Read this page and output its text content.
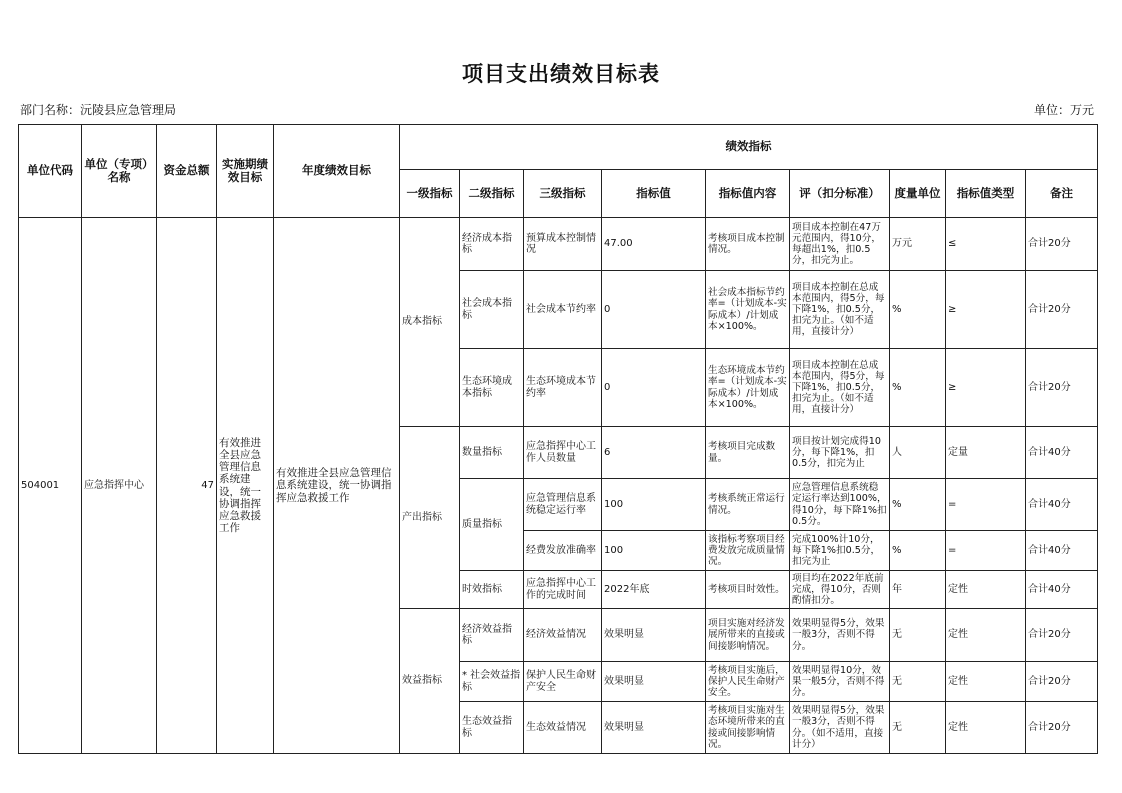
项目支出绩效目标表
部门名称：沅陵县应急管理局	单位：万元
单位代码	单位（专项）名称	资金总额	实施期绩效目标	年度绩效目标	绩效指标								
					一级指标	二级指标	三级指标	指标值	指标值内容	评（扣分标准）	度量单位	指标值类型	备注
504001	应急指挥中心	47	有效推进全县应急管理信息系统建设，统一协调指挥应急救援工作	有效推进全县应急管理信息系统建设，统一协调指挥应急救援工作	成本指标	经济成本指标	预算成本控制情况	47.00	考核项目成本控制情况。	项目成本控制在47万元范围内，得10分，每超出1%，扣0.5分，扣完为止。	万元	≤	合计20分
						社会成本指标	社会成本节约率	0	社会成本指标节约率=（计划成本-实际成本）/计划成本×100%。	项目成本控制在总成本范围内，得5分，每下降1%，扣0.5分，扣完为止。（如不适用，直接计分）	%	≥	合计20分
						生态环境成本指标	生态环境成本节约率	0	生态环境成本节约率=（计划成本-实际成本）/计划成本×100%。	项目成本控制在总成本范围内，得5分，每下降1%，扣0.5分，扣完为止。（如不适用，直接计分）	%	≥	合计20分
					产出指标	数量指标	应急指挥中心工作人员数量	6	考核项目完成数量。	项目按计划完成得10分，每下降1%，扣0.5分，扣完为止	人	定量	合计40分
						质量指标	应急管理信息系统稳定运行率	100	考核系统正常运行情况。	应急管理信息系统稳定运行率达到100%，得10分，每下降1%扣0.5分。	%	=	合计40分
							经费发放准确率	100	该指标考察项目经费发放完成质量情况。	完成100%计10分，每下降1%扣0.5分，扣完为止	%	=	合计40分
						时效指标	应急指挥中心工作的完成时间	2022年底	考核项目时效性。	项目均在2022年底前完成，得10分，否则酌情扣分。	年	定性	合计40分
					效益指标	经济效益指标	经济效益情况	效果明显	项目实施对经济发展所带来的直接或间接影响情况。	效果明显得5分，效果一般3分，否则不得分。	无	定性	合计20分
						* 社会效益指标	保护人民生命财产安全	效果明显	考核项目实施后，保护人民生命财产安全。	效果明显得10分，效果一般5分，否则不得分。	无	定性	合计20分
						生态效益指标	生态效益情况	效果明显	考核项目实施对生态环境所带来的直接或间接影响情况。	效果明显得5分，效果一般3分，否则不得分。（如不适用，直接计分）	无	定性	合计20分
